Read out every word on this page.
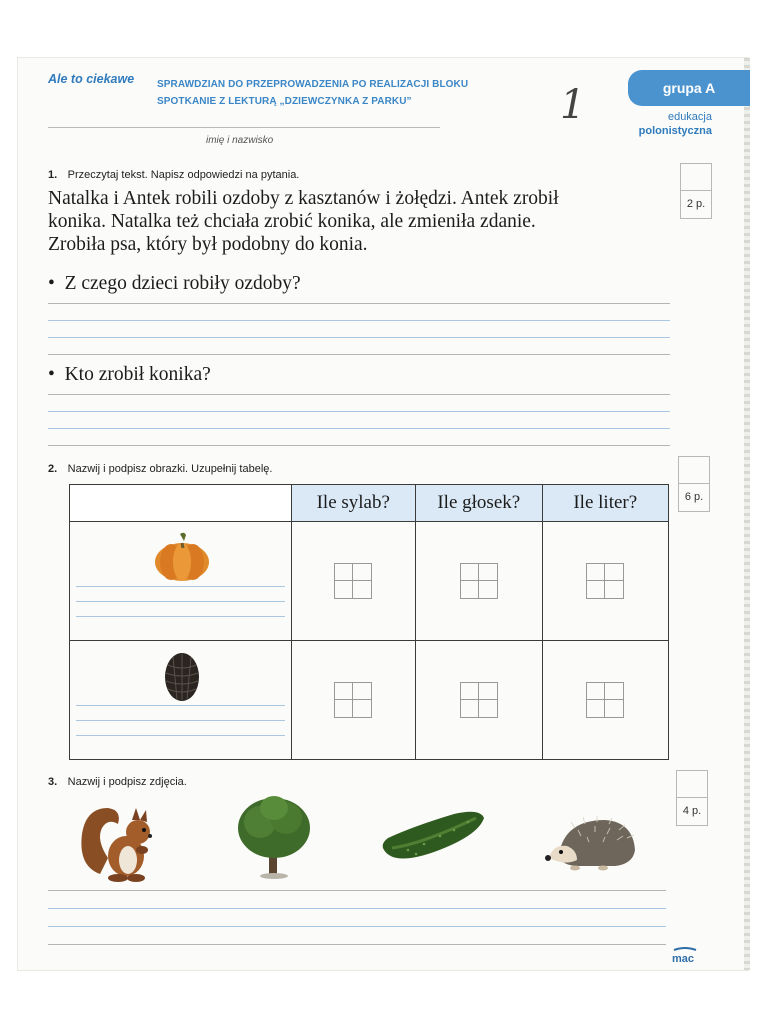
Ale to ciekawe SPRAWDZIAN DO PRZEPROWADZENIA PO REALIZACJI BLOKU
SPOTKANIE Z LEKTURĄ „DZIEWCZYNKA Z PARKU”	1	grupa A
edukacja
polonistyczna
imię i nazwisko
1. Przeczytaj tekst. Napisz odpowiedzi na pytania.
Natalka i Antek robili ozdoby z kasztanów i żołędzi. Antek zrobił
konika. Natalka też chciała zrobić konika, ale zmieniła zdanie.
Zrobiła psa, który był podobny do konia.
•  Z czego dzieci robiły ozdoby?
•  Kto zrobił konika?
2 p.
2. Nazwij i podpisz obrazki. Uzupełnij tabelę.
	Ile sylab?	Ile głosek?	Ile liter?

		6 p.
3. Nazwij i podpisz zdjęcia.
4 p.
mac
